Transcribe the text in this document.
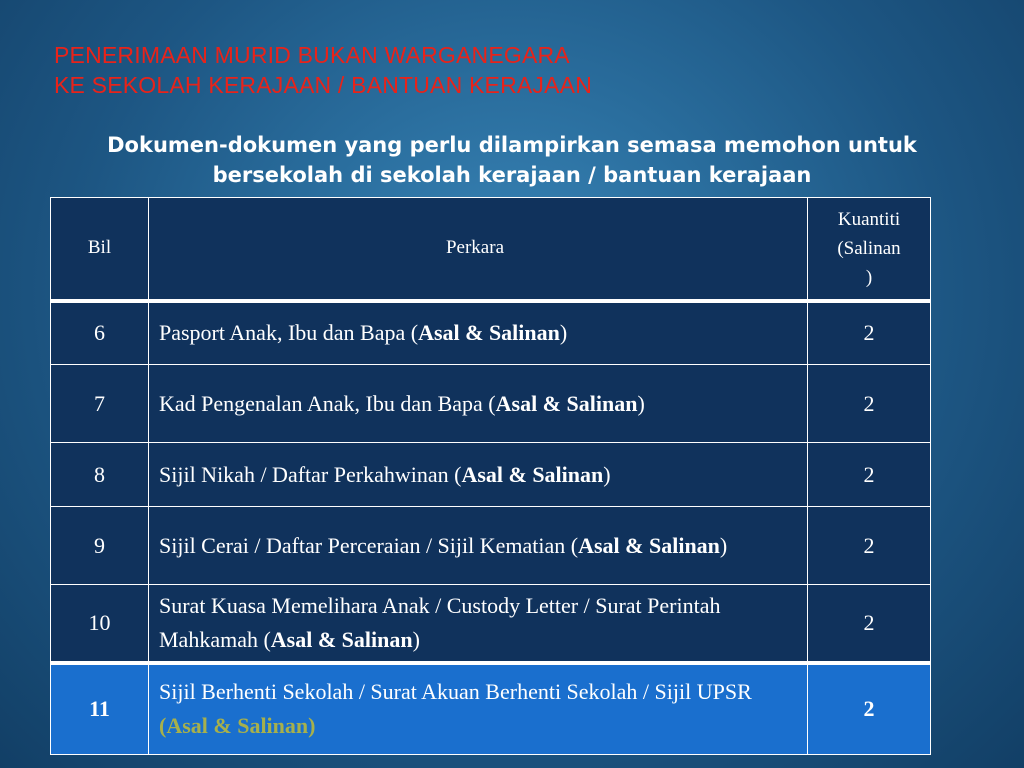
PENERIMAAN MURID BUKAN WARGANEGARA
KE SEKOLAH KERAJAAN / BANTUAN KERAJAAN
Dokumen-dokumen yang perlu dilampirkan semasa memohon untuk
bersekolah di sekolah kerajaan / bantuan kerajaan
Bil	Perkara	Kuantiti
(Salinan
)

6	Pasport Anak, Ibu dan Bapa (Asal & Salinan)	2
7	Kad Pengenalan Anak, Ibu dan Bapa (Asal & Salinan)	2
8	Sijil Nikah / Daftar Perkahwinan (Asal & Salinan)	2
9	Sijil Cerai / Daftar Perceraian / Sijil Kematian (Asal & Salinan)	2
10	Surat Kuasa Memelihara Anak / Custody Letter / Surat Perintah Mahkamah (Asal & Salinan)	2
11	Sijil Berhenti Sekolah / Surat Akuan Berhenti Sekolah / Sijil UPSR (Asal & Salinan)	2
